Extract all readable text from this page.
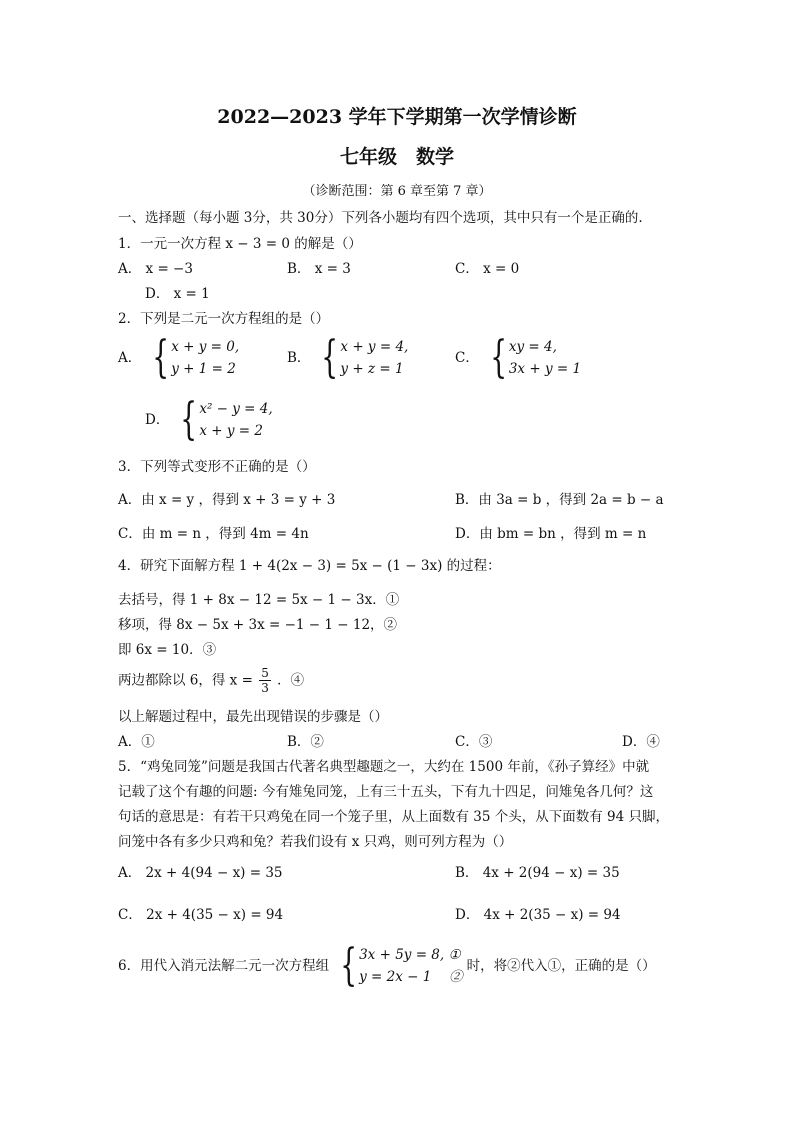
2022—2023 学年下学期第一次学情诊断
七年级　数学
（诊断范围：第 6 章至第 7 章）
一、选择题（每小题 3分，共 30分）下列各小题均有四个选项，其中只有一个是正确的.
1．一元一次方程 x − 3 = 0 的解是（）
A． x = −3	B． x = 3	C． x = 0
D． x = 1
2．下列是二元一次方程组的是（）
A． { x + y = 0,
y + 1 = 2
B． { x + y = 4,
y + z = 1
C． { xy = 4,
3x + y = 1
D． { x² − y = 4,
x + y = 2
3．下列等式变形不正确的是（）
A．由 x = y ，得到 x + 3 = y + 3	B．由 3a = b ，得到 2a = b − a
C．由 m = n ，得到 4m = 4n	D．由 bm = bn ，得到 m = n
4．研究下面解方程 1 + 4(2x − 3) = 5x − (1 − 3x) 的过程：
去括号，得 1 + 8x − 12 = 5x − 1 − 3x．①
移项，得 8x − 5x + 3x = −1 − 1 − 12，②
即 6x = 10．③
两边都除以 6，得 $x = \frac{5}{3}$ ．④
以上解题过程中，最先出现错误的步骤是（）
A．①	B．②	C．③	D．④
5．“鸡兔同笼”问题是我国古代著名典型趣题之一，大约在 1500 年前，《孙子算经》中就
记载了这个有趣的问题: 今有雉兔同笼，上有三十五头，下有九十四足，问雉兔各几何？这
句话的意思是：有若干只鸡兔在同一个笼子里，从上面数有 35 个头，从下面数有 94 只脚，
问笼中各有多少只鸡和兔？若我们设有 x 只鸡，则可列方程为（）
A． 2x + 4(94 − x) = 35	B． 4x + 2(94 − x) = 35
C． 2x + 4(35 − x) = 94	D． 4x + 2(35 − x) = 94
6．用代入消元法解二元一次方程组 { 3x + 5y = 8, ①
y = 2x − 1　 ②
时，将②代入①，正确的是（）
